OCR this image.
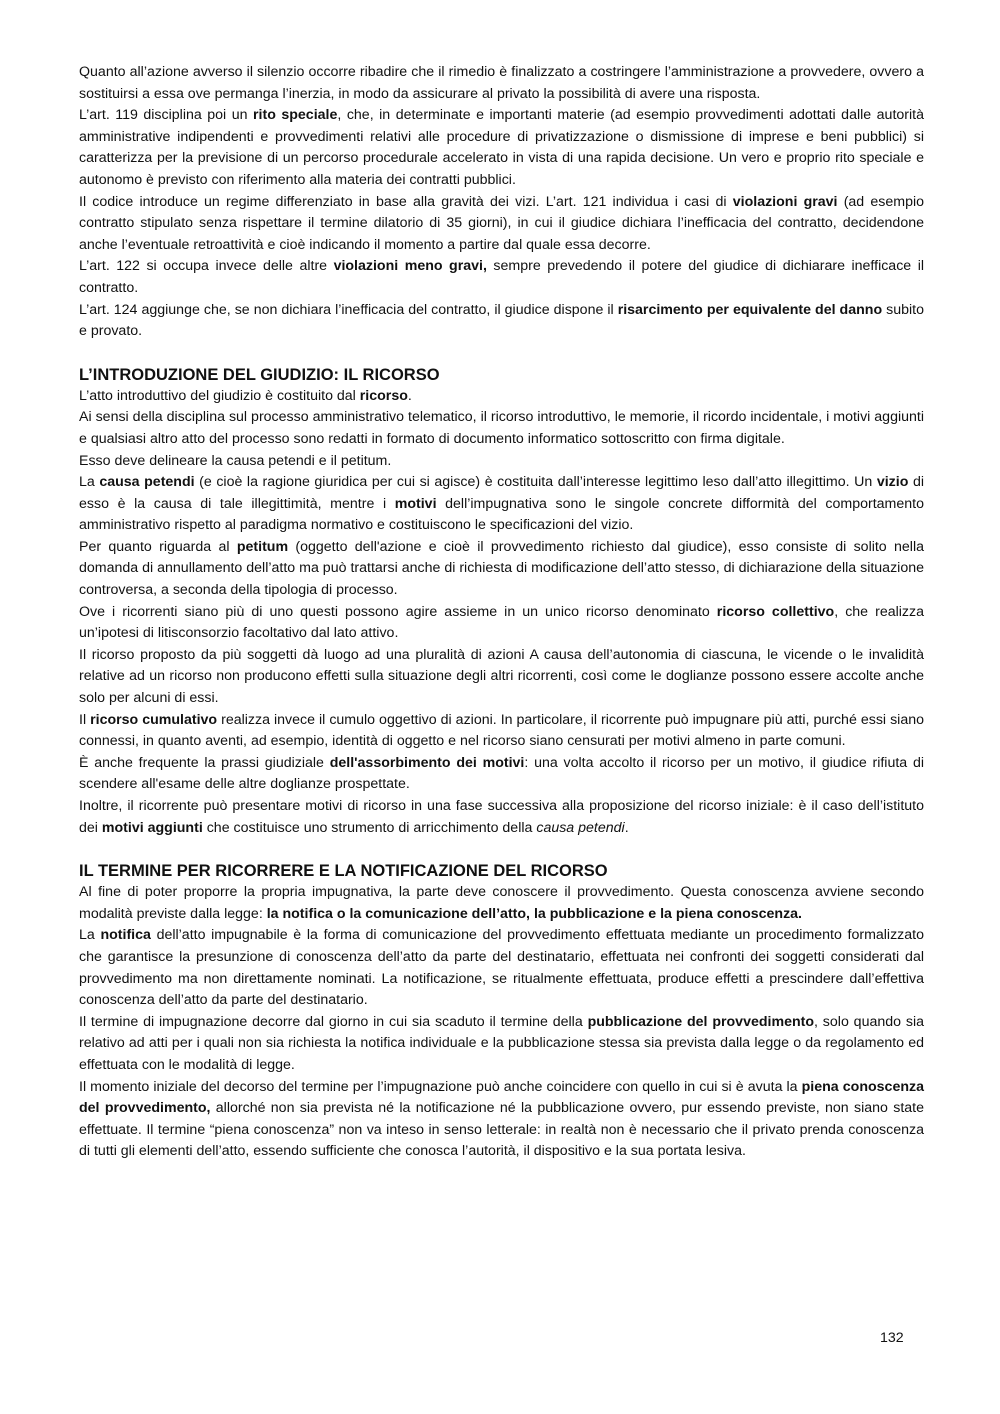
Quanto all’azione avverso il silenzio occorre ribadire che il rimedio è finalizzato a costringere l’amministrazione a provvedere, ovvero a sostituirsi a essa ove permanga l’inerzia, in modo da assicurare al privato la possibilità di avere una risposta.

L’art. 119 disciplina poi un rito speciale, che, in determinate e importanti materie (ad esempio provvedimenti adottati dalle autorità amministrative indipendenti e provvedimenti relativi alle procedure di privatizzazione o dismissione di imprese e beni pubblici) si caratterizza per la previsione di un percorso procedurale accelerato in vista di una rapida decisione. Un vero e proprio rito speciale e autonomo è previsto con riferimento alla materia dei contratti pubblici.

Il codice introduce un regime differenziato in base alla gravità dei vizi. L’art. 121 individua i casi di violazioni gravi (ad esempio contratto stipulato senza rispettare il termine dilatorio di 35 giorni), in cui il giudice dichiara l’inefficacia del contratto, decidendone anche l’eventuale retroattività e cioè indicando il momento a partire dal quale essa decorre.

L’art. 122 si occupa invece delle altre violazioni meno gravi, sempre prevedendo il potere del giudice di dichiarare inefficace il contratto.

L’art. 124 aggiunge che, se non dichiara l’inefficacia del contratto, il giudice dispone il risarcimento per equivalente del danno subito e provato.

L’INTRODUZIONE DEL GIUDIZIO: IL RICORSO

L’atto introduttivo del giudizio è costituito dal ricorso.

Ai sensi della disciplina sul processo amministrativo telematico, il ricorso introduttivo, le memorie, il ricordo incidentale, i motivi aggiunti e qualsiasi altro atto del processo sono redatti in formato di documento informatico sottoscritto con firma digitale.

Esso deve delineare la causa petendi e il petitum.

La causa petendi (e cioè la ragione giuridica per cui si agisce) è costituita dall’interesse legittimo leso dall’atto illegittimo. Un vizio di esso è la causa di tale illegittimità, mentre i motivi dell’impugnativa sono le singole concrete difformità del comportamento amministrativo rispetto al paradigma normativo e costituiscono le specificazioni del vizio.

Per quanto riguarda al petitum (oggetto dell'azione e cioè il provvedimento richiesto dal giudice), esso consiste di solito nella domanda di annullamento dell’atto ma può trattarsi anche di richiesta di modificazione dell’atto stesso, di dichiarazione della situazione controversa, a seconda della tipologia di processo.

Ove i ricorrenti siano più di uno questi possono agire assieme in un unico ricorso denominato ricorso collettivo, che realizza un’ipotesi di litisconsorzio facoltativo dal lato attivo.

Il ricorso proposto da più soggetti dà luogo ad una pluralità di azioni A causa dell’autonomia di ciascuna, le vicende o le invalidità relative ad un ricorso non producono effetti sulla situazione degli altri ricorrenti, così come le doglianze possono essere accolte anche solo per alcuni di essi.

Il ricorso cumulativo realizza invece il cumulo oggettivo di azioni. In particolare, il ricorrente può impugnare più atti, purché essi siano connessi, in quanto aventi, ad esempio, identità di oggetto e nel ricorso siano censurati per motivi almeno in parte comuni.

È anche frequente la prassi giudiziale dell'assorbimento dei motivi: una volta accolto il ricorso per un motivo, il giudice rifiuta di scendere all'esame delle altre doglianze prospettate.

Inoltre, il ricorrente può presentare motivi di ricorso in una fase successiva alla proposizione del ricorso iniziale: è il caso dell’istituto dei motivi aggiunti che costituisce uno strumento di arricchimento della causa petendi.

IL TERMINE PER RICORRERE E LA NOTIFICAZIONE DEL RICORSO

Al fine di poter proporre la propria impugnativa, la parte deve conoscere il provvedimento. Questa conoscenza avviene secondo modalità previste dalla legge: la notifica o la comunicazione dell’atto, la pubblicazione e la piena conoscenza.

La notifica dell’atto impugnabile è la forma di comunicazione del provvedimento effettuata mediante un procedimento formalizzato che garantisce la presunzione di conoscenza dell’atto da parte del destinatario, effettuata nei confronti dei soggetti considerati dal provvedimento ma non direttamente nominati. La notificazione, se ritualmente effettuata, produce effetti a prescindere dall’effettiva conoscenza dell’atto da parte del destinatario.

Il termine di impugnazione decorre dal giorno in cui sia scaduto il termine della pubblicazione del provvedimento, solo quando sia relativo ad atti per i quali non sia richiesta la notifica individuale e la pubblicazione stessa sia prevista dalla legge o da regolamento ed effettuata con le modalità di legge.

Il momento iniziale del decorso del termine per l’impugnazione può anche coincidere con quello in cui si è avuta la piena conoscenza del provvedimento, allorché non sia prevista né la notificazione né la pubblicazione ovvero, pur essendo previste, non siano state effettuate. Il termine “piena conoscenza” non va inteso in senso letterale: in realtà non è necessario che il privato prenda conoscenza di tutti gli elementi dell’atto, essendo sufficiente che conosca l’autorità, il dispositivo e la sua portata lesiva.

132
